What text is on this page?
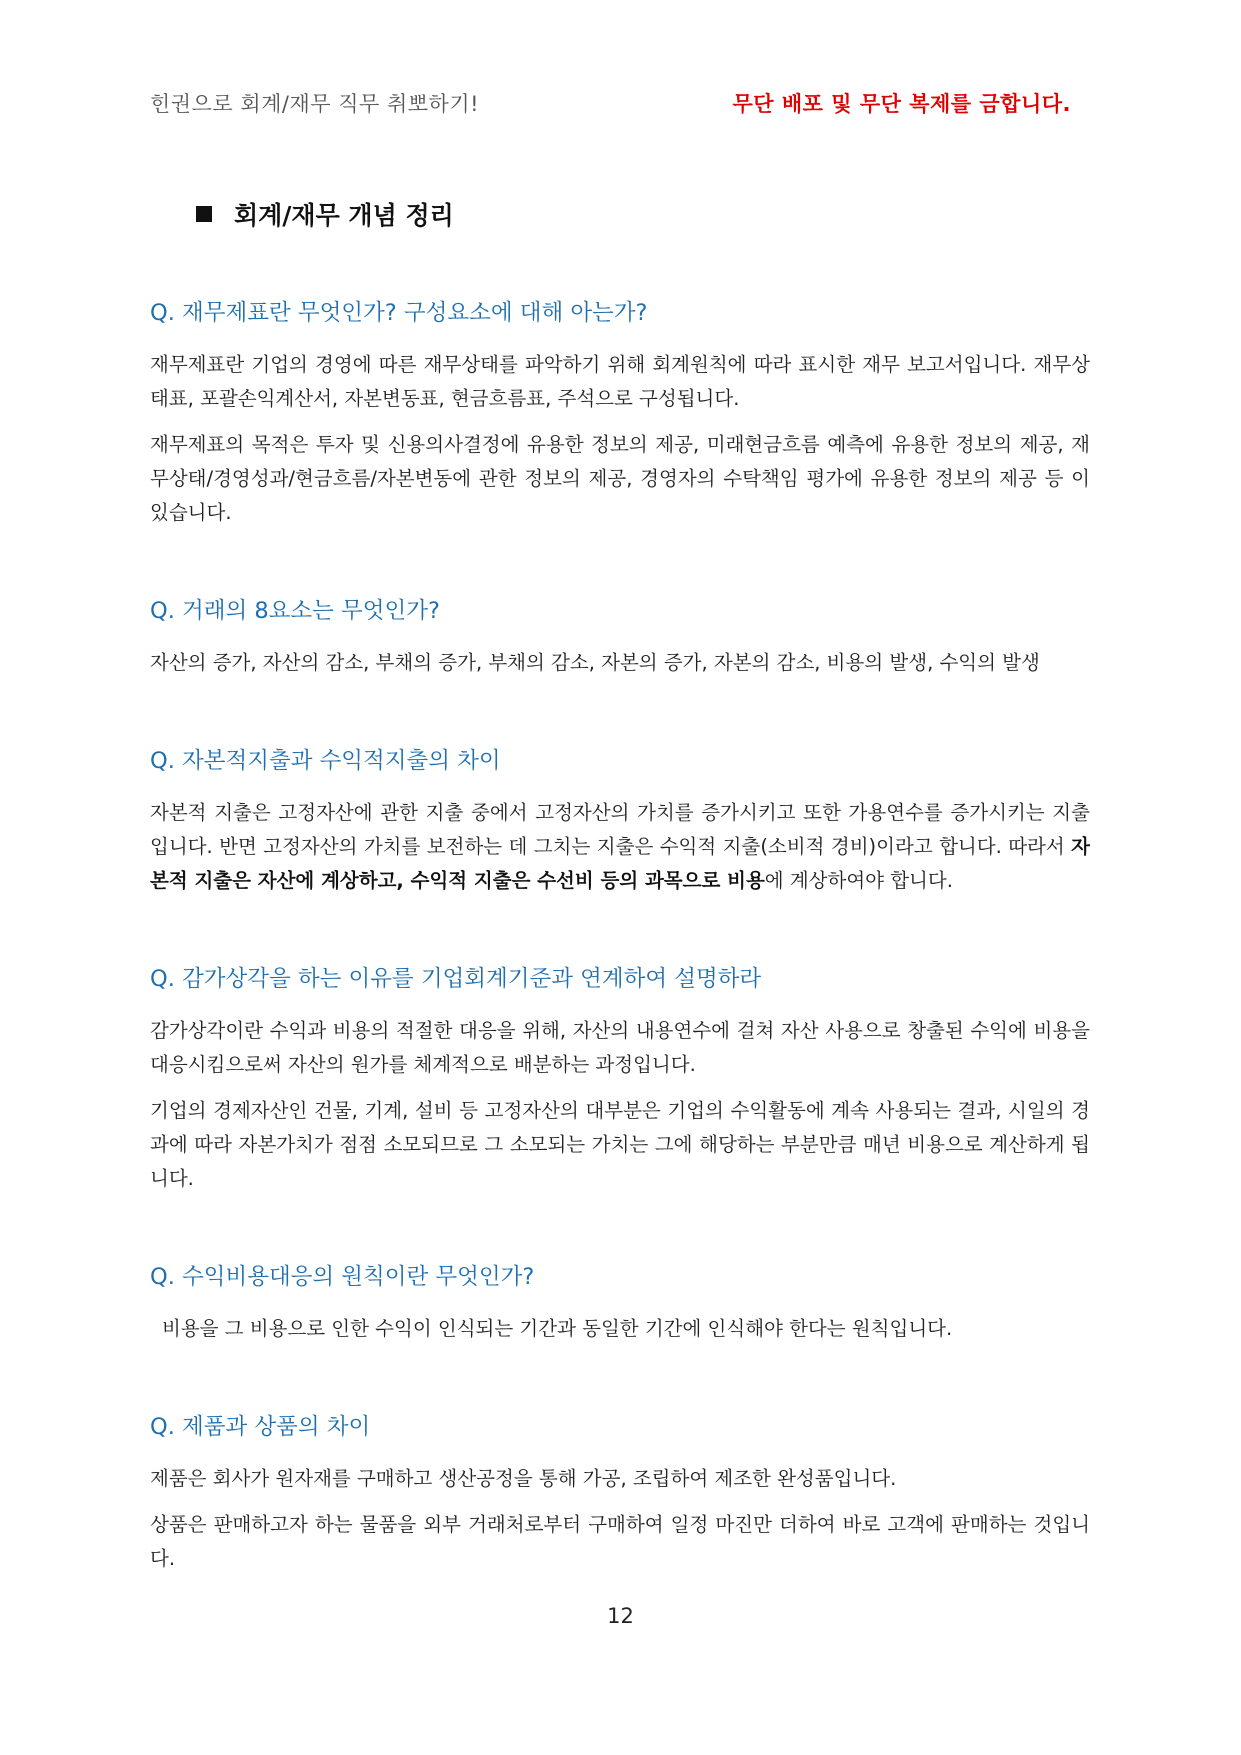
힌권으로 회계/재무 직무 취뽀하기!	무단 배포 및 무단 복제를 금합니다.
회계/재무 개념 정리

Q. 재무제표란 무엇인가? 구성요소에 대해 아는가?

재무제표란 기업의 경영에 따른 재무상태를 파악하기 위해 회계원칙에 따라 표시한 재무 보고서입니다. 재무상태표, 포괄손익계산서, 자본변동표, 현금흐름표, 주석으로 구성됩니다.

재무제표의 목적은 투자 및 신용의사결정에 유용한 정보의 제공, 미래현금흐름 예측에 유용한 정보의 제공, 재무상태/경영성과/현금흐름/자본변동에 관한 정보의 제공, 경영자의 수탁책임 평가에 유용한 정보의 제공 등 이 있습니다.

Q. 거래의 8요소는 무엇인가?

자산의 증가, 자산의 감소, 부채의 증가, 부채의 감소, 자본의 증가, 자본의 감소, 비용의 발생, 수익의 발생

Q. 자본적지출과 수익적지출의 차이

자본적 지출은 고정자산에 관한 지출 중에서 고정자산의 가치를 증가시키고 또한 가용연수를 증가시키는 지출입니다. 반면 고정자산의 가치를 보전하는 데 그치는 지출은 수익적 지출(소비적 경비)이라고 합니다. 따라서 자본적 지출은 자산에 계상하고, 수익적 지출은 수선비 등의 과목으로 비용에 계상하여야 합니다.

Q. 감가상각을 하는 이유를 기업회계기준과 연계하여 설명하라

감가상각이란 수익과 비용의 적절한 대응을 위해, 자산의 내용연수에 걸쳐 자산 사용으로 창출된 수익에 비용을 대응시킴으로써 자산의 원가를 체계적으로 배분하는 과정입니다.

기업의 경제자산인 건물, 기계, 설비 등 고정자산의 대부분은 기업의 수익활동에 계속 사용되는 결과, 시일의 경과에 따라 자본가치가 점점 소모되므로 그 소모되는 가치는 그에 해당하는 부분만큼 매년 비용으로 계산하게 됩니다.

Q. 수익비용대응의 원칙이란 무엇인가?

비용을 그 비용으로 인한 수익이 인식되는 기간과 동일한 기간에 인식해야 한다는 원칙입니다.

Q. 제품과 상품의 차이

제품은 회사가 원자재를 구매하고 생산공정을 통해 가공, 조립하여 제조한 완성품입니다.

상품은 판매하고자 하는 물품을 외부 거래처로부터 구매하여 일정 마진만 더하여 바로 고객에 판매하는 것입니다.

12
